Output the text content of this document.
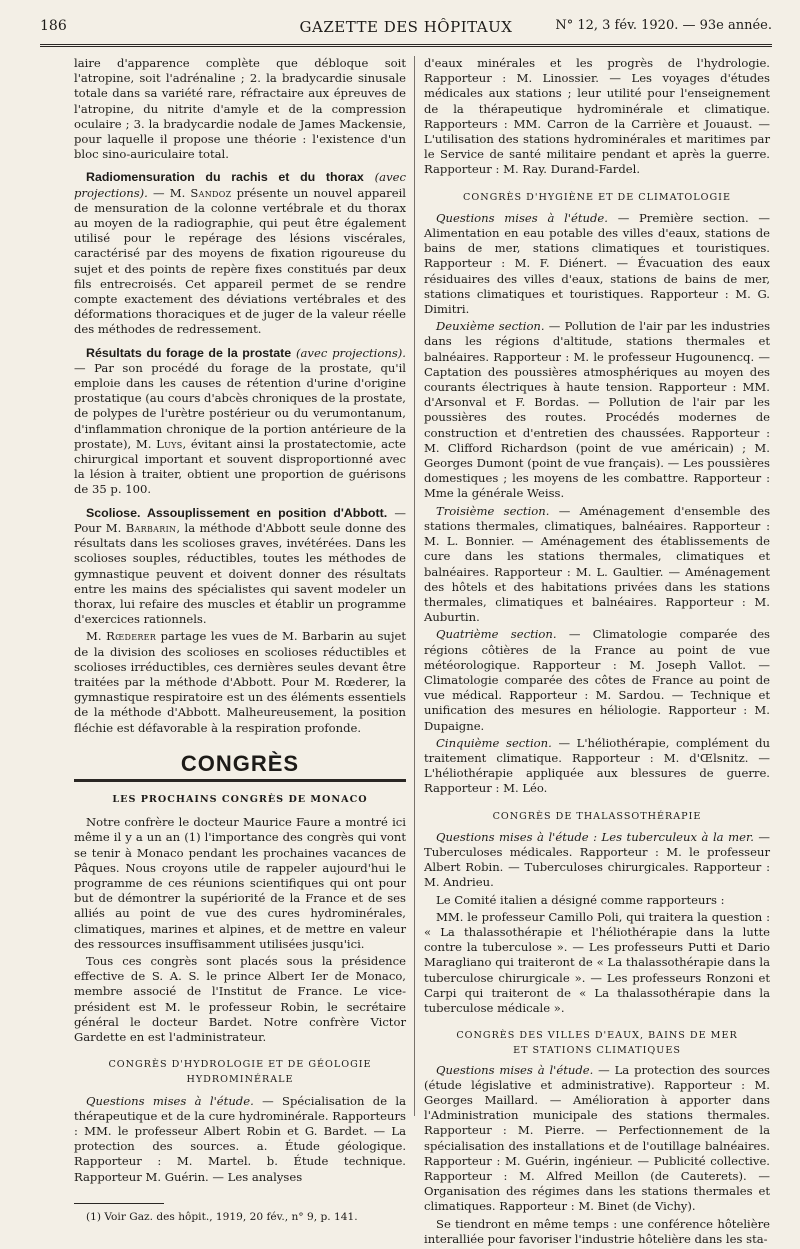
186	GAZETTE DES HÔPITAUX	N° 12, 3 fév. 1920. — 93e année.

laire d'apparence complète que débloque soit l'atropine, soit l'adrénaline ; 2. la bradycardie sinusale totale dans sa variété rare, réfractaire aux épreuves de l'atropine, du nitrite d'amyle et de la compression oculaire ; 3. la bradycardie nodale de James Mackensie, pour laquelle il propose une théorie : l'existence d'un bloc sino-auriculaire total.

Radiomensuration du rachis et du thorax (avec projections). — M. Sandoz présente un nouvel appareil de mensuration de la colonne vertébrale et du thorax au moyen de la radiographie, qui peut être également utilisé pour le repérage des lésions viscérales, caractérisé par des moyens de fixation rigoureuse du sujet et des points de repère fixes constitués par deux fils entrecroisés. Cet appareil permet de se rendre compte exactement des déviations vertébrales et des déformations thoraciques et de juger de la valeur réelle des méthodes de redressement.

Résultats du forage de la prostate (avec projections). — Par son procédé du forage de la prostate, qu'il emploie dans les causes de rétention d'urine d'origine prostatique (au cours d'abcès chroniques de la prostate, de polypes de l'urètre postérieur ou du verumontanum, d'inflammation chronique de la portion antérieure de la prostate), M. Luys, évitant ainsi la prostatectomie, acte chirurgical important et souvent disproportionné avec la lésion à traiter, obtient une proportion de guérisons de 35 p. 100.

Scoliose. Assouplissement en position d'Abbott. — Pour M. Barbarin, la méthode d'Abbott seule donne des résultats dans les scolioses graves, invétérées. Dans les scolioses souples, réductibles, toutes les méthodes de gymnastique peuvent et doivent donner des résultats entre les mains des spécialistes qui savent modeler un thorax, lui refaire des muscles et établir un programme d'exercices rationnels.

M. Rœderer partage les vues de M. Barbarin au sujet de la division des scolioses en scolioses réductibles et scolioses irréductibles, ces dernières seules devant être traitées par la méthode d'Abbott. Pour M. Rœderer, la gymnastique respiratoire est un des éléments essentiels de la méthode d'Abbott. Malheureusement, la position fléchie est défavorable à la respiration profonde.

CONGRÈS
LES PROCHAINS CONGRÈS DE MONACO

Notre confrère le docteur Maurice Faure a montré ici même il y a un an (1) l'importance des congrès qui vont se tenir à Monaco pendant les prochaines vacances de Pâques. Nous croyons utile de rappeler aujourd'hui le programme de ces réunions scientifiques qui ont pour but de démontrer la supériorité de la France et de ses alliés au point de vue des cures hydrominérales, climatiques, marines et alpines, et de mettre en valeur des ressources insuffisamment utilisées jusqu'ici.

Tous ces congrès sont placés sous la présidence effective de S. A. S. le prince Albert Ier de Monaco, membre associé de l'Institut de France. Le vice-président est M. le professeur Robin, le secrétaire général le docteur Bardet. Notre confrère Victor Gardette en est l'administrateur.

CONGRÈS D'HYDROLOGIE ET DE GÉOLOGIE HYDROMINÉRALE

Questions mises à l'étude. — Spécialisation de la thérapeutique et de la cure hydrominérale. Rapporteurs : MM. le professeur Albert Robin et G. Bardet. — La protection des sources. a. Étude géologique. Rapporteur : M. Martel. b. Étude technique. Rapporteur M. Guérin. — Les analyses

(1) Voir Gaz. des hôpit., 1919, 20 fév., n° 9, p. 141.

d'eaux minérales et les progrès de l'hydrologie. Rapporteur : M. Linossier. — Les voyages d'études médicales aux stations ; leur utilité pour l'enseignement de la thérapeutique hydrominérale et climatique. Rapporteurs : MM. Carron de la Carrière et Jouaust. — L'utilisation des stations hydrominérales et maritimes par le Service de santé militaire pendant et après la guerre. Rapporteur : M. Ray. Durand-Fardel.

CONGRÈS D'HYGIÈNE ET DE CLIMATOLOGIE

Questions mises à l'étude. — Première section. — Alimentation en eau potable des villes d'eaux, stations de bains de mer, stations climatiques et touristiques. Rapporteur : M. F. Diénert. — Évacuation des eaux résiduaires des villes d'eaux, stations de bains de mer, stations climatiques et touristiques. Rapporteur : M. G. Dimitri.

Deuxième section. — Pollution de l'air par les industries dans les régions d'altitude, stations thermales et balnéaires. Rapporteur : M. le professeur Hugounencq. — Captation des poussières atmosphériques au moyen des courants électriques à haute tension. Rapporteur : MM. d'Arsonval et F. Bordas. — Pollution de l'air par les poussières des routes. Procédés modernes de construction et d'entretien des chaussées. Rapporteur : M. Clifford Richardson (point de vue américain) ; M. Georges Dumont (point de vue français). — Les poussières domestiques ; les moyens de les combattre. Rapporteur : Mme la générale Weiss.

Troisième section. — Aménagement d'ensemble des stations thermales, climatiques, balnéaires. Rapporteur : M. L. Bonnier. — Aménagement des établissements de cure dans les stations thermales, climatiques et balnéaires. Rapporteur : M. L. Gaultier. — Aménagement des hôtels et des habitations privées dans les stations thermales, climatiques et balnéaires. Rapporteur : M. Auburtin.

Quatrième section. — Climatologie comparée des régions côtières de la France au point de vue météorologique. Rapporteur : M. Joseph Vallot. — Climatologie comparée des côtes de France au point de vue médical. Rapporteur : M. Sardou. — Technique et unification des mesures en héliologie. Rapporteur : M. Dupaigne.

Cinquième section. — L'héliothérapie, complément du traitement climatique. Rapporteur : M. d'Œlsnitz. — L'héliothérapie appliquée aux blessures de guerre. Rapporteur : M. Léo.

CONGRÈS DE THALASSOTHÉRAPIE

Questions mises à l'étude : Les tuberculeux à la mer. — Tuberculoses médicales. Rapporteur : M. le professeur Albert Robin. — Tuberculoses chirurgicales. Rapporteur : M. Andrieu.

Le Comité italien a désigné comme rapporteurs :

MM. le professeur Camillo Poli, qui traitera la question : « La thalassothérapie et l'héliothérapie dans la lutte contre la tuberculose ». — Les professeurs Putti et Dario Maragliano qui traiteront de « La thalassothérapie dans la tuberculose chirurgicale ». — Les professeurs Ronzoni et Carpi qui traiteront de « La thalassothérapie dans la tuberculose médicale ».

CONGRÈS DES VILLES D'EAUX, BAINS DE MER
ET STATIONS CLIMATIQUES

Questions mises à l'étude. — La protection des sources (étude législative et administrative). Rapporteur : M. Georges Maillard. — Amélioration à apporter dans l'Administration municipale des stations thermales. Rapporteur : M. Pierre. — Perfectionnement de la spécialisation des installations et de l'outillage balnéaires. Rapporteur : M. Guérin, ingénieur. — Publicité collective. Rapporteur : M. Alfred Meillon (de Cauterets). — Organisation des régimes dans les stations thermales et climatiques. Rapporteur : M. Binet (de Vichy).

Se tiendront en même temps : une conférence hôtelière interalliée pour favoriser l'industrie hôtelière dans les sta-
